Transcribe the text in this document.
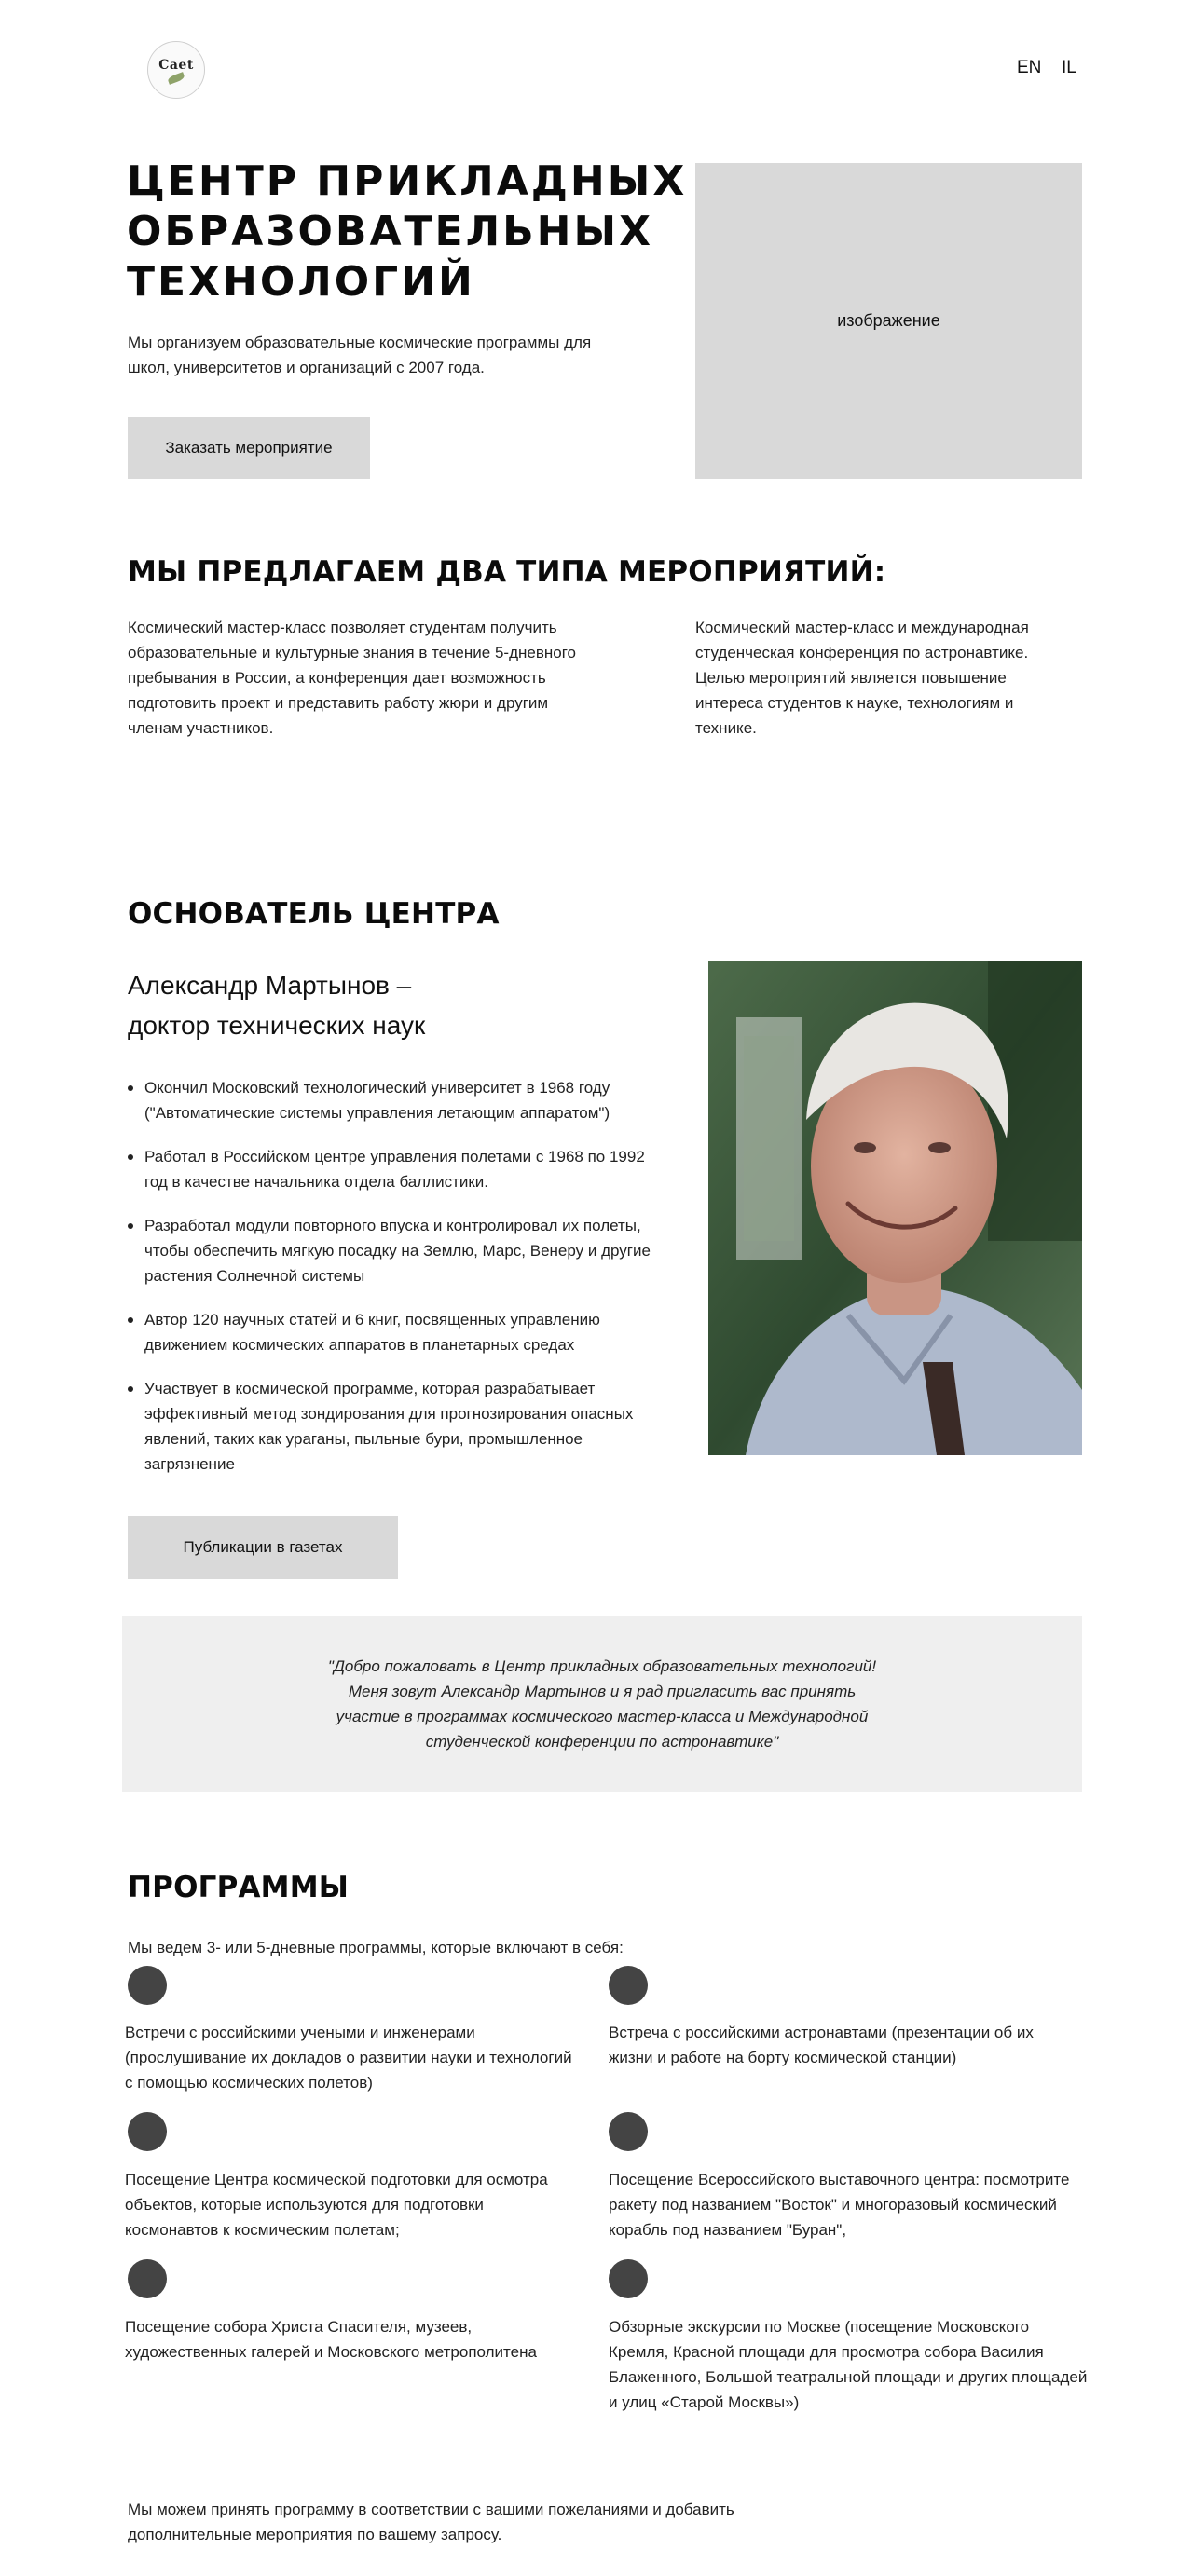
Caet	EN IL
ЦЕНТР ПРИКЛАДНЫХ ОБРАЗОВАТЕЛЬНЫХ ТЕХНОЛОГИЙ

Мы организуем образовательные космические программы для школ, университетов и организаций с 2007 года.

Заказать мероприятие
изображение
МЫ ПРЕДЛАГАЕМ ДВА ТИПА МЕРОПРИЯТИЙ:

Космический мастер-класс позволяет студентам получить образовательные и культурные знания в течение 5-дневного пребывания в России, а конференция дает возможность подготовить проект и представить работу жюри и другим членам участников.

Космический мастер-класс и международная студенческая конференция по астронавтике. Целью мероприятий является повышение интереса студентов к науке, технологиям и технике.

ОСНОВАТЕЛЬ ЦЕНТРА
Александр Мартынов –
доктор технических наук
Окончил Московский технологический университет в 1968 году ("Автоматические системы управления летающим аппаратом")
Работал в Российском центре управления полетами с 1968 по 1992 год в качестве начальника отдела баллистики.
Разработал модули повторного впуска и контролировал их полеты, чтобы обеспечить мягкую посадку на Землю, Марс, Венеру и другие растения Солнечной системы
Автор 120 научных статей и 6 книг, посвященных управлению движением космических аппаратов в планетарных средах
Участвует в космической программе, которая разрабатывает эффективный метод зондирования для прогнозирования опасных явлений, таких как ураганы, пыльные бури, промышленное загрязнение
Публикации в газетах

"Добро пожаловать в Центр прикладных образовательных технологий! Меня зовут Александр Мартынов и я рад пригласить вас принять участие в программах космического мастер-класса и Международной студенческой конференции по астронавтике"

ПРОГРАММЫ

Мы ведем 3- или 5-дневные программы, которые включают в себя:

Встречи с российскими учеными и инженерами (прослушивание их докладов о развитии науки и технологий с помощью космических полетов)

Встреча с российскими астронавтами (презентации об их жизни и работе на борту космической станции)

Посещение Центра космической подготовки для осмотра объектов, которые используются для подготовки космонавтов к космическим полетам;

Посещение Всероссийского выставочного центра: посмотрите ракету под названием "Восток" и многоразовый космический корабль под названием "Буран",

Посещение собора Христа Спасителя, музеев, художественных галерей и Московского метрополитена

Обзорные экскурсии по Москве (посещение Московского Кремля, Красной площади для просмотра собора Василия Блаженного, Большой театральной площади и других площадей и улиц «Старой Москвы»)

Мы можем принять программу в соответствии с вашими пожеланиями и добавить дополнительные мероприятия по вашему запросу.
